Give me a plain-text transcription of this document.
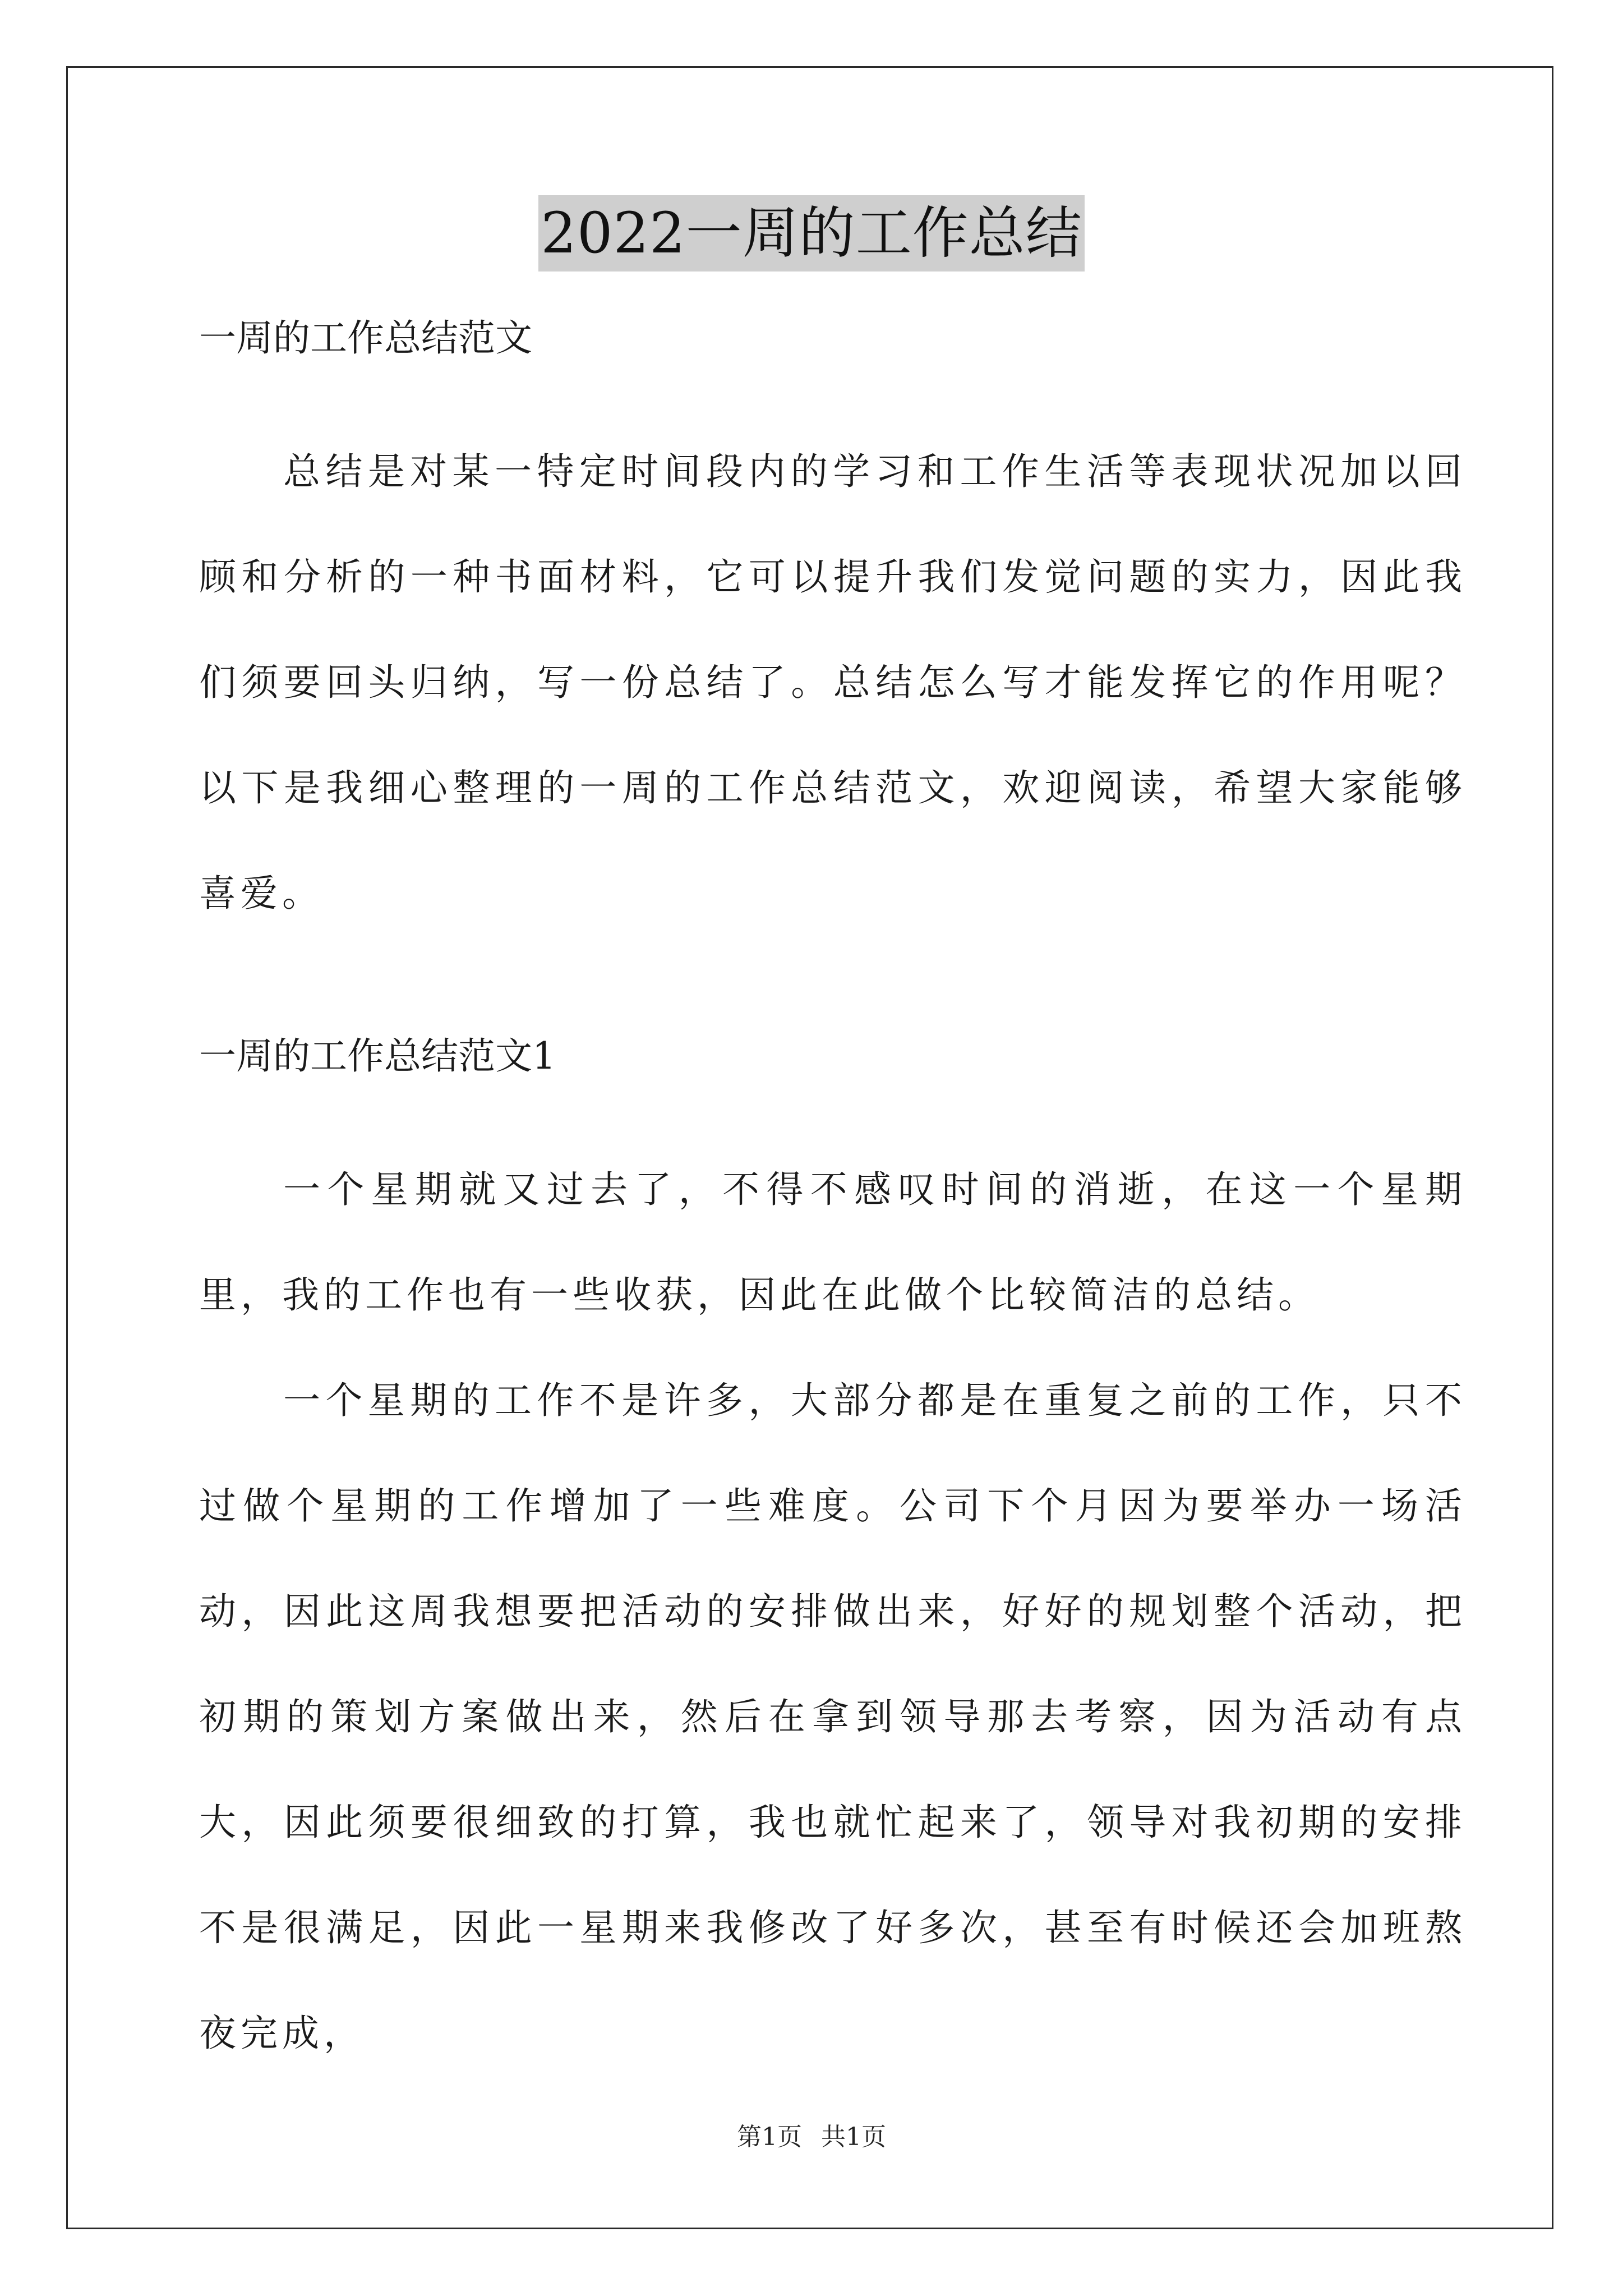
2022一周的工作总结

一周的工作总结范文

总结是对某一特定时间段内的学习和工作生活等表现状况加以回顾和分析的一种书面材料，它可以提升我们发觉问题的实力，因此我们须要回头归纳，写一份总结了。总结怎么写才能发挥它的作用呢？以下是我细心整理的一周的工作总结范文，欢迎阅读，希望大家能够喜爱。

一周的工作总结范文1

一个星期就又过去了，不得不感叹时间的消逝，在这一个星期里，我的工作也有一些收获，因此在此做个比较简洁的总结。

一个星期的工作不是许多，大部分都是在重复之前的工作，只不过做个星期的工作增加了一些难度。公司下个月因为要举办一场活动，因此这周我想要把活动的安排做出来，好好的规划整个活动，把初期的策划方案做出来，然后在拿到领导那去考察，因为活动有点大，因此须要很细致的打算，我也就忙起来了，领导对我初期的安排不是很满足，因此一星期来我修改了好多次，甚至有时候还会加班熬夜完成，

第1页 共1页
